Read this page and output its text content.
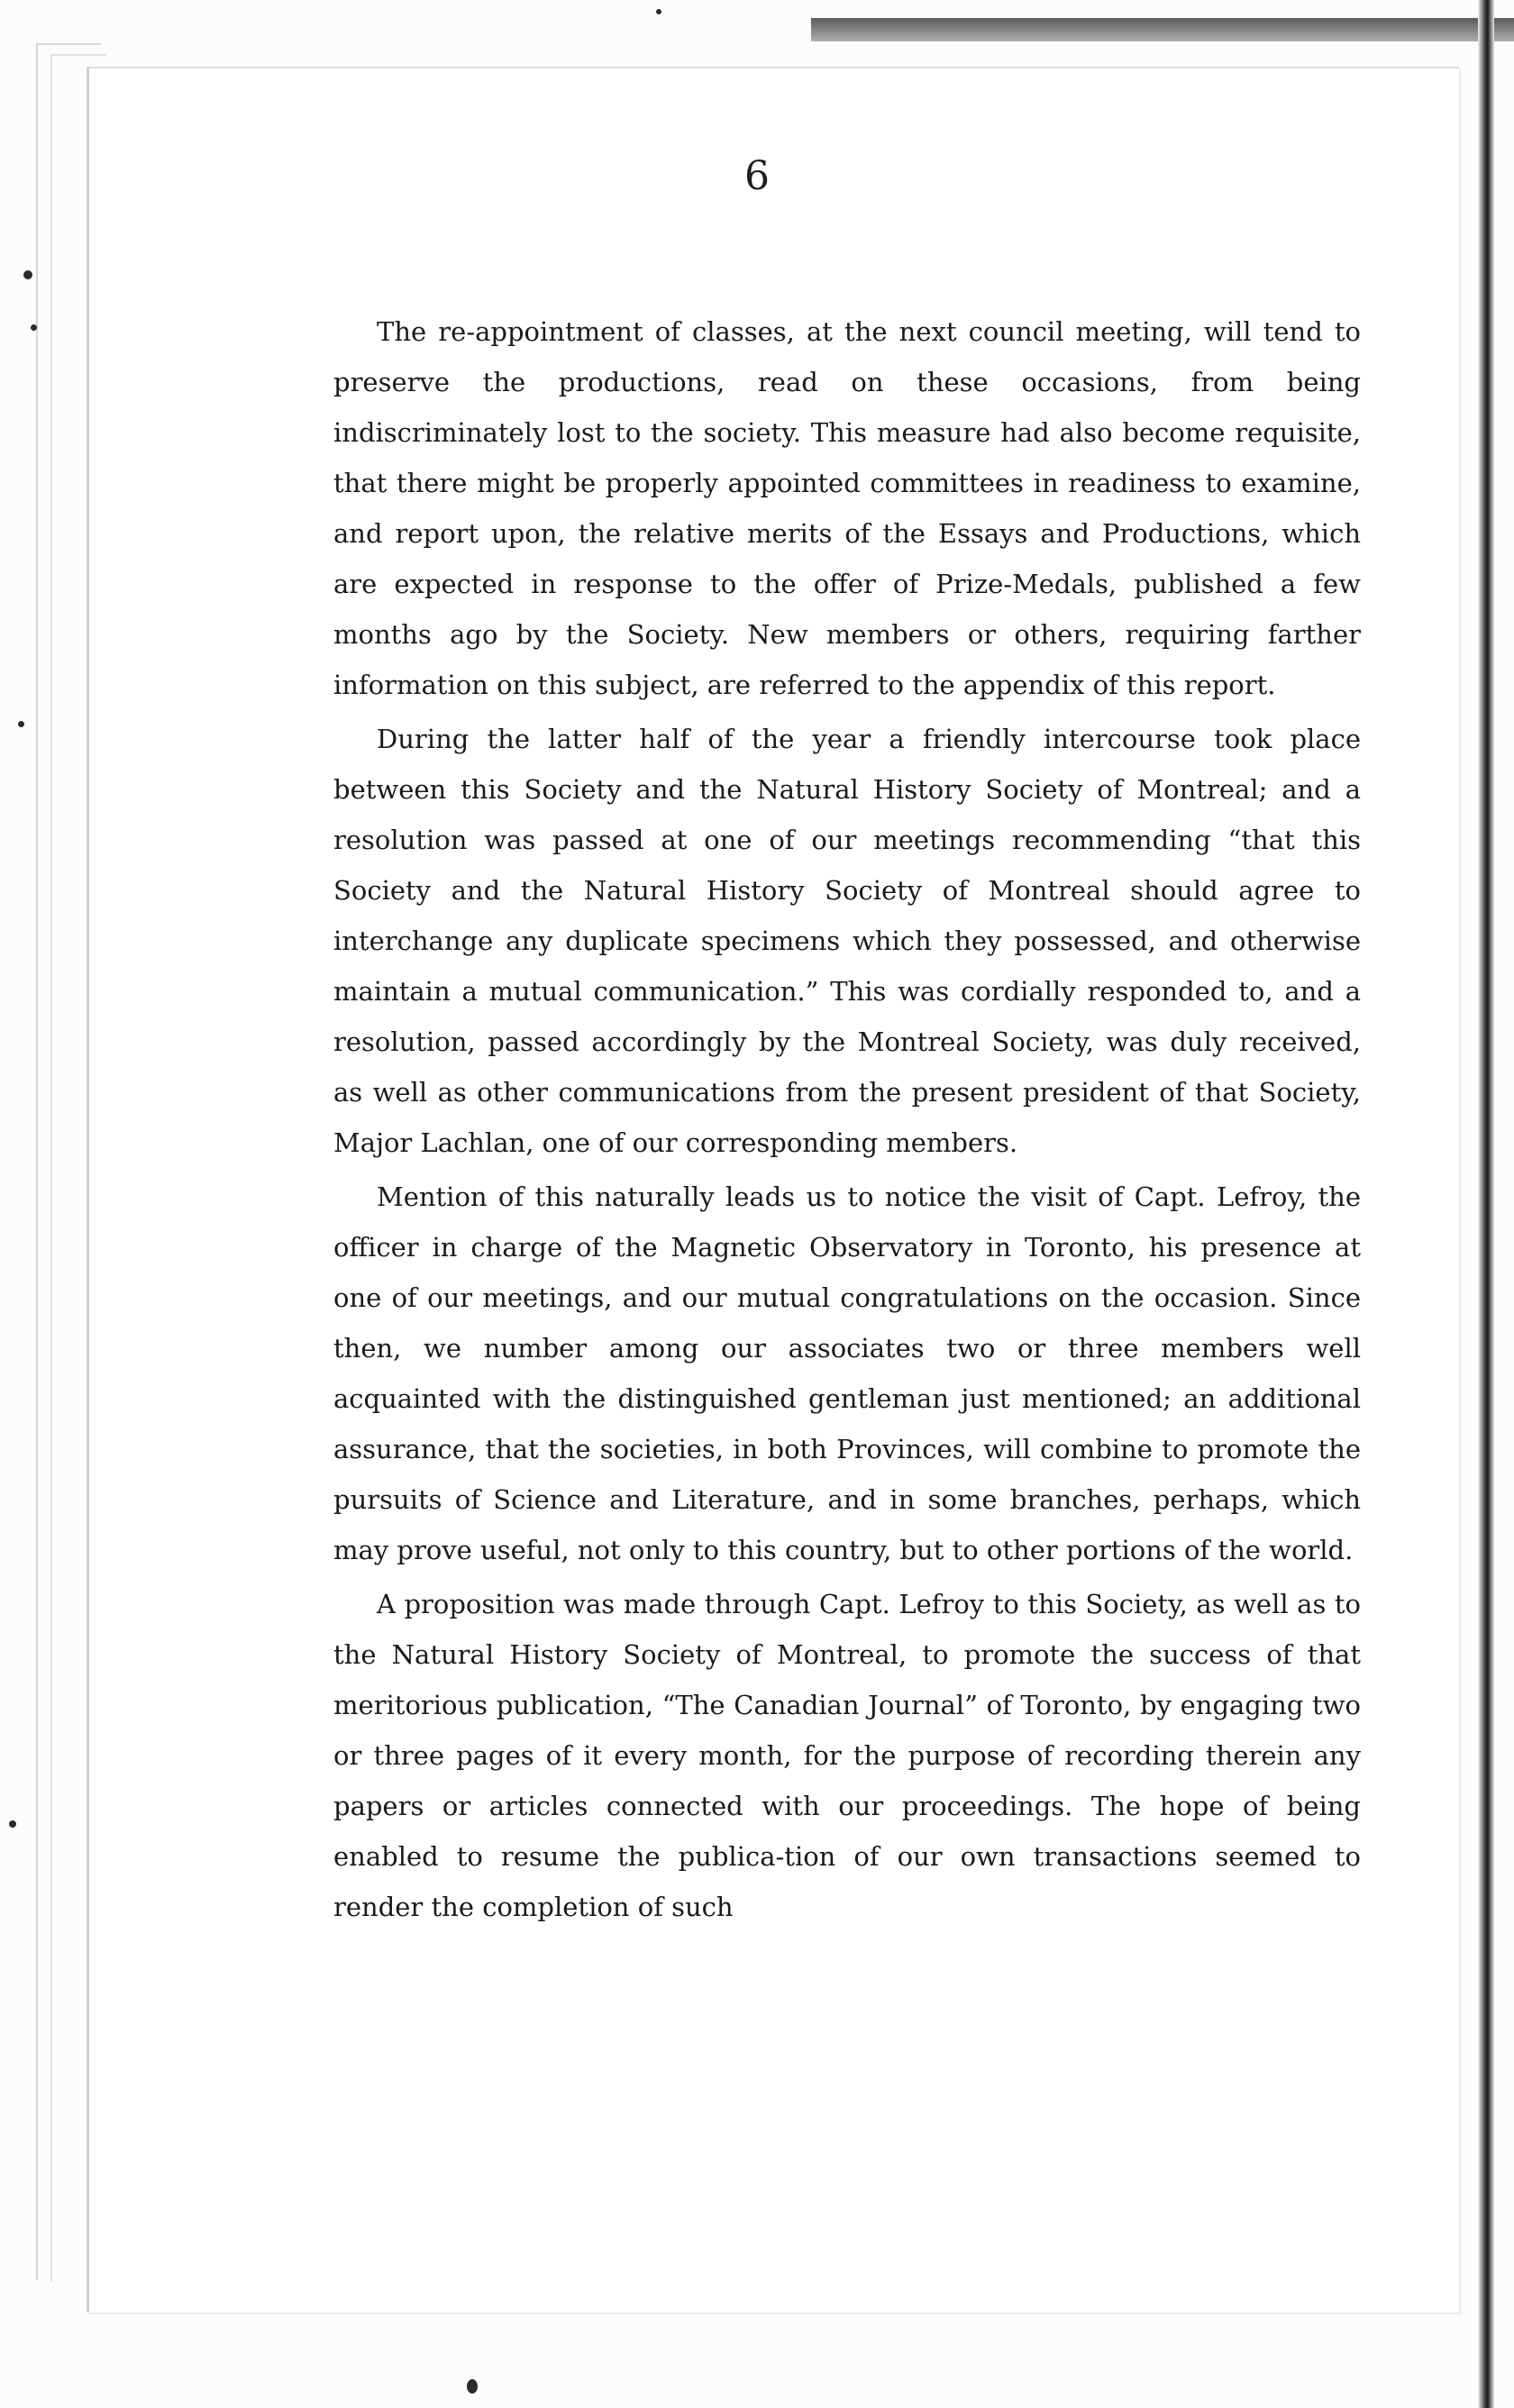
6

The re-appointment of classes, at the next council meeting, will tend to preserve the productions, read on these occasions, from being indiscriminately lost to the society. This measure had also become requisite, that there might be properly appointed committees in readiness to examine, and report upon, the relative merits of the Essays and Productions, which are expected in response to the offer of Prize-Medals, published a few months ago by the Society. New members or others, requiring farther information on this subject, are referred to the appendix of this report.

During the latter half of the year a friendly intercourse took place between this Society and the Natural History Society of Montreal; and a resolution was passed at one of our meetings recommending “that this Society and the Natural History Society of Montreal should agree to interchange any duplicate specimens which they possessed, and otherwise maintain a mutual communication.” This was cordially responded to, and a resolution, passed accordingly by the Montreal Society, was duly received, as well as other communications from the present president of that Society, Major Lachlan, one of our corresponding members.

Mention of this naturally leads us to notice the visit of Capt. Lefroy, the officer in charge of the Magnetic Observatory in Toronto, his presence at one of our meetings, and our mutual congratulations on the occasion. Since then, we number among our associates two or three members well acquainted with the distinguished gentleman just mentioned; an additional assurance, that the societies, in both Provinces, will combine to promote the pursuits of Science and Literature, and in some branches, perhaps, which may prove useful, not only to this country, but to other portions of the world.

A proposition was made through Capt. Lefroy to this Society, as well as to the Natural History Society of Montreal, to promote the success of that meritorious publication, “The Canadian Journal” of Toronto, by engaging two or three pages of it every month, for the purpose of recording therein any papers or articles connected with our proceedings. The hope of being enabled to resume the publica-tion of our own transactions seemed to render the completion of such
